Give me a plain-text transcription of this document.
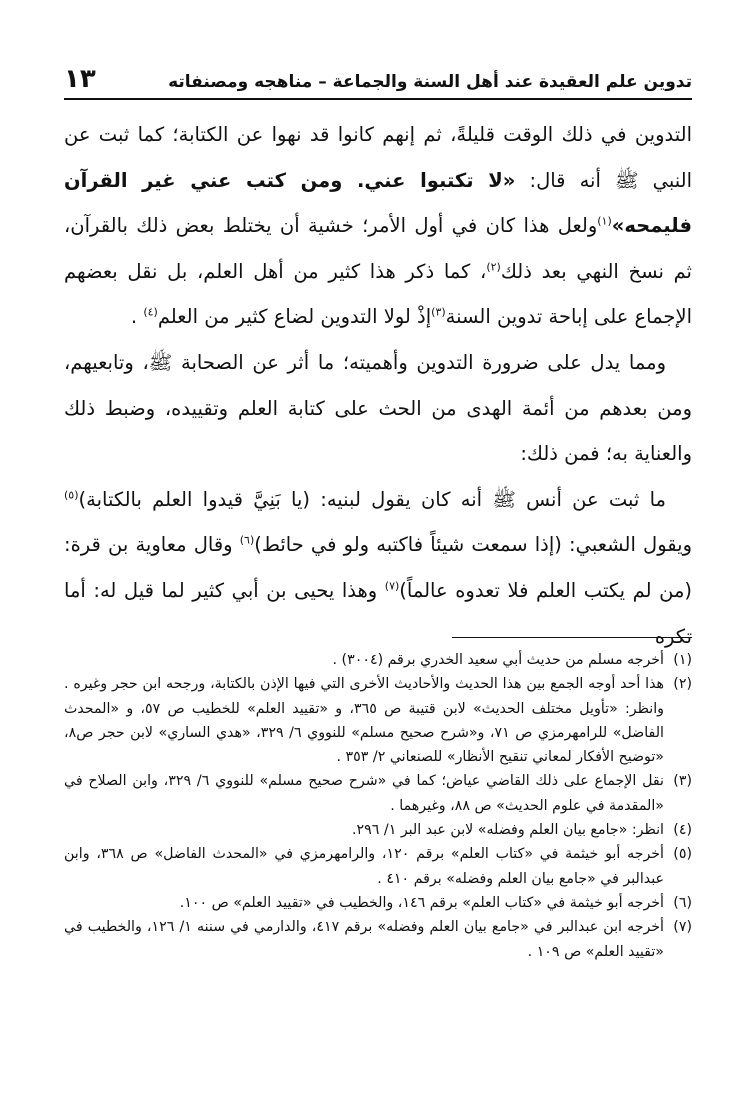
تدوين علم العقيدة عند أهل السنة والجماعة – مناهجه ومصنفاته
١٣

التدوين في ذلك الوقت قليلةً، ثم إنهم كانوا قد نهوا عن الكتابة؛ كما ثبت عن النبي ﷺ أنه قال: «لا تكتبوا عني. ومن كتب عني غير القرآن فليمحه»$^{(١)}$ولعل هذا كان في أول الأمر؛ خشية أن يختلط بعض ذلك بالقرآن، ثم نسخ النهي بعد ذلك$^{(٢)}$، كما ذكر هذا كثير من أهل العلم، بل نقل بعضهم الإجماع على إباحة تدوين السنة$^{(٣)}$إذْ لولا التدوين لضاع كثير من العلم$^{(٤)}$ .

ومما يدل على ضرورة التدوين وأهميته؛ ما أثر عن الصحابة ﷺ، وتابعيهم، ومن بعدهم من أئمة الهدى من الحث على كتابة العلم وتقييده، وضبط ذلك والعناية به؛ فمن ذلك:

ما ثبت عن أنس ﷺ أنه كان يقول لبنيه: (يا بَنِيَّ قيدوا العلم بالكتابة)$^{(٥)}$ ويقول الشعبي: (إذا سمعت شيئاً فاكتبه ولو في حائط)$^{(٦)}$ وقال معاوية بن قرة: (من لم يكتب العلم فلا تعدوه عالماً)$^{(٧)}$ وهذا يحيى بن أبي كثير لما قيل له: أما تكره

(١)
أخرجه مسلم من حديث أبي سعيد الخدري برقم (٣٠٠٤) .
(٢)
هذا أحد أوجه الجمع بين هذا الحديث والأحاديث الأخرى التي فيها الإذن بالكتابة، ورجحه ابن حجر وغيره . وانظر: «تأويل مختلف الحديث» لابن قتيبة ص ٣٦٥، و «تقييد العلم» للخطيب ص ٥٧، و «المحدث الفاضل» للرامهرمزي ص ٧١، و«شرح صحيح مسلم» للنووي ٦/ ٣٢٩، «هدي الساري» لابن حجر ص٨، «توضيح الأفكار لمعاني تنقيح الأنظار» للصنعاني ٢/ ٣٥٣ .
(٣)
نقل الإجماع على ذلك القاضي عياض؛ كما في «شرح صحيح مسلم» للنووي ٦/ ٣٢٩، وابن الصلاح في «المقدمة في علوم الحديث» ص ٨٨، وغيرهما .
(٤)
انظر: «جامع بيان العلم وفضله» لابن عبد البر ١/ ٢٩٦.
(٥)
أخرجه أبو خيثمة في «كتاب العلم» برقم ١٢٠، والرامهرمزي في «المحدث الفاضل» ص ٣٦٨، وابن عبدالبر في «جامع بيان العلم وفضله» برقم ٤١٠ .
(٦)
أخرجه أبو خيثمة في «كتاب العلم» برقم ١٤٦، والخطيب في «تقييد العلم» ص ١٠٠.
(٧)
أخرجه ابن عبدالبر في «جامع بيان العلم وفضله» برقم ٤١٧، والدارمي في سننه ١/ ١٢٦، والخطيب في «تقييد العلم» ص ١٠٩ .
